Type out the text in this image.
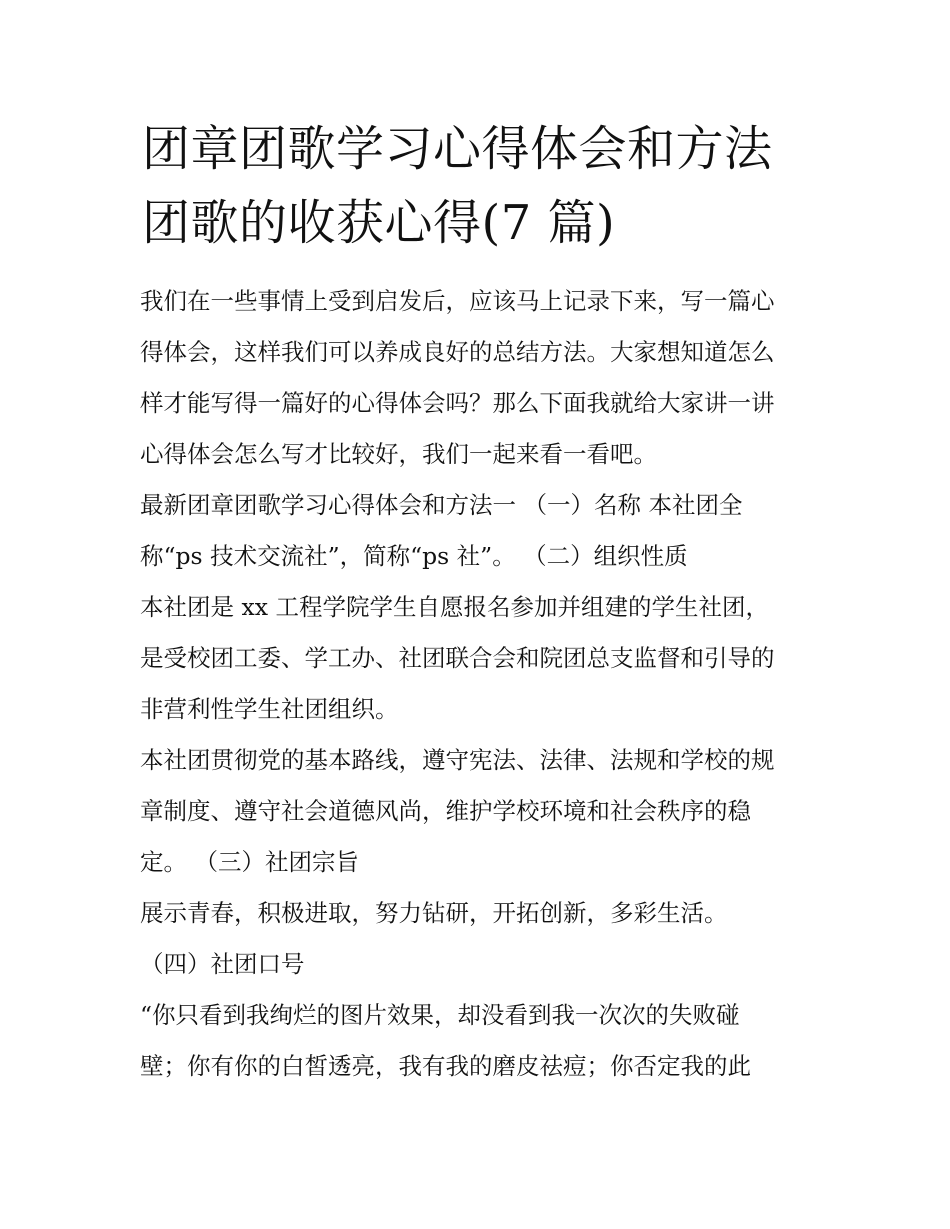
团章团歌学习心得体会和方法
团歌的收获心得(7 篇)
我们在一些事情上受到启发后，应该马上记录下来，写一篇心
得体会，这样我们可以养成良好的总结方法。大家想知道怎么
样才能写得一篇好的心得体会吗？那么下面我就给大家讲一讲
心得体会怎么写才比较好，我们一起来看一看吧。
最新团章团歌学习心得体会和方法一 （一）名称 本社团全
称“ps 技术交流社”，简称“ps 社”。 （二）组织性质
本社团是 xx 工程学院学生自愿报名参加并组建的学生社团，
是受校团工委、学工办、社团联合会和院团总支监督和引导的
非营利性学生社团组织。
本社团贯彻党的基本路线，遵守宪法、法律、法规和学校的规
章制度、遵守社会道德风尚，维护学校环境和社会秩序的稳
定。 （三）社团宗旨
展示青春，积极进取，努力钻研，开拓创新，多彩生活。
（四）社团口号
“你只看到我绚烂的图片效果，却没看到我一次次的失败碰
壁；你有你的白皙透亮，我有我的磨皮祛痘；你否定我的此
